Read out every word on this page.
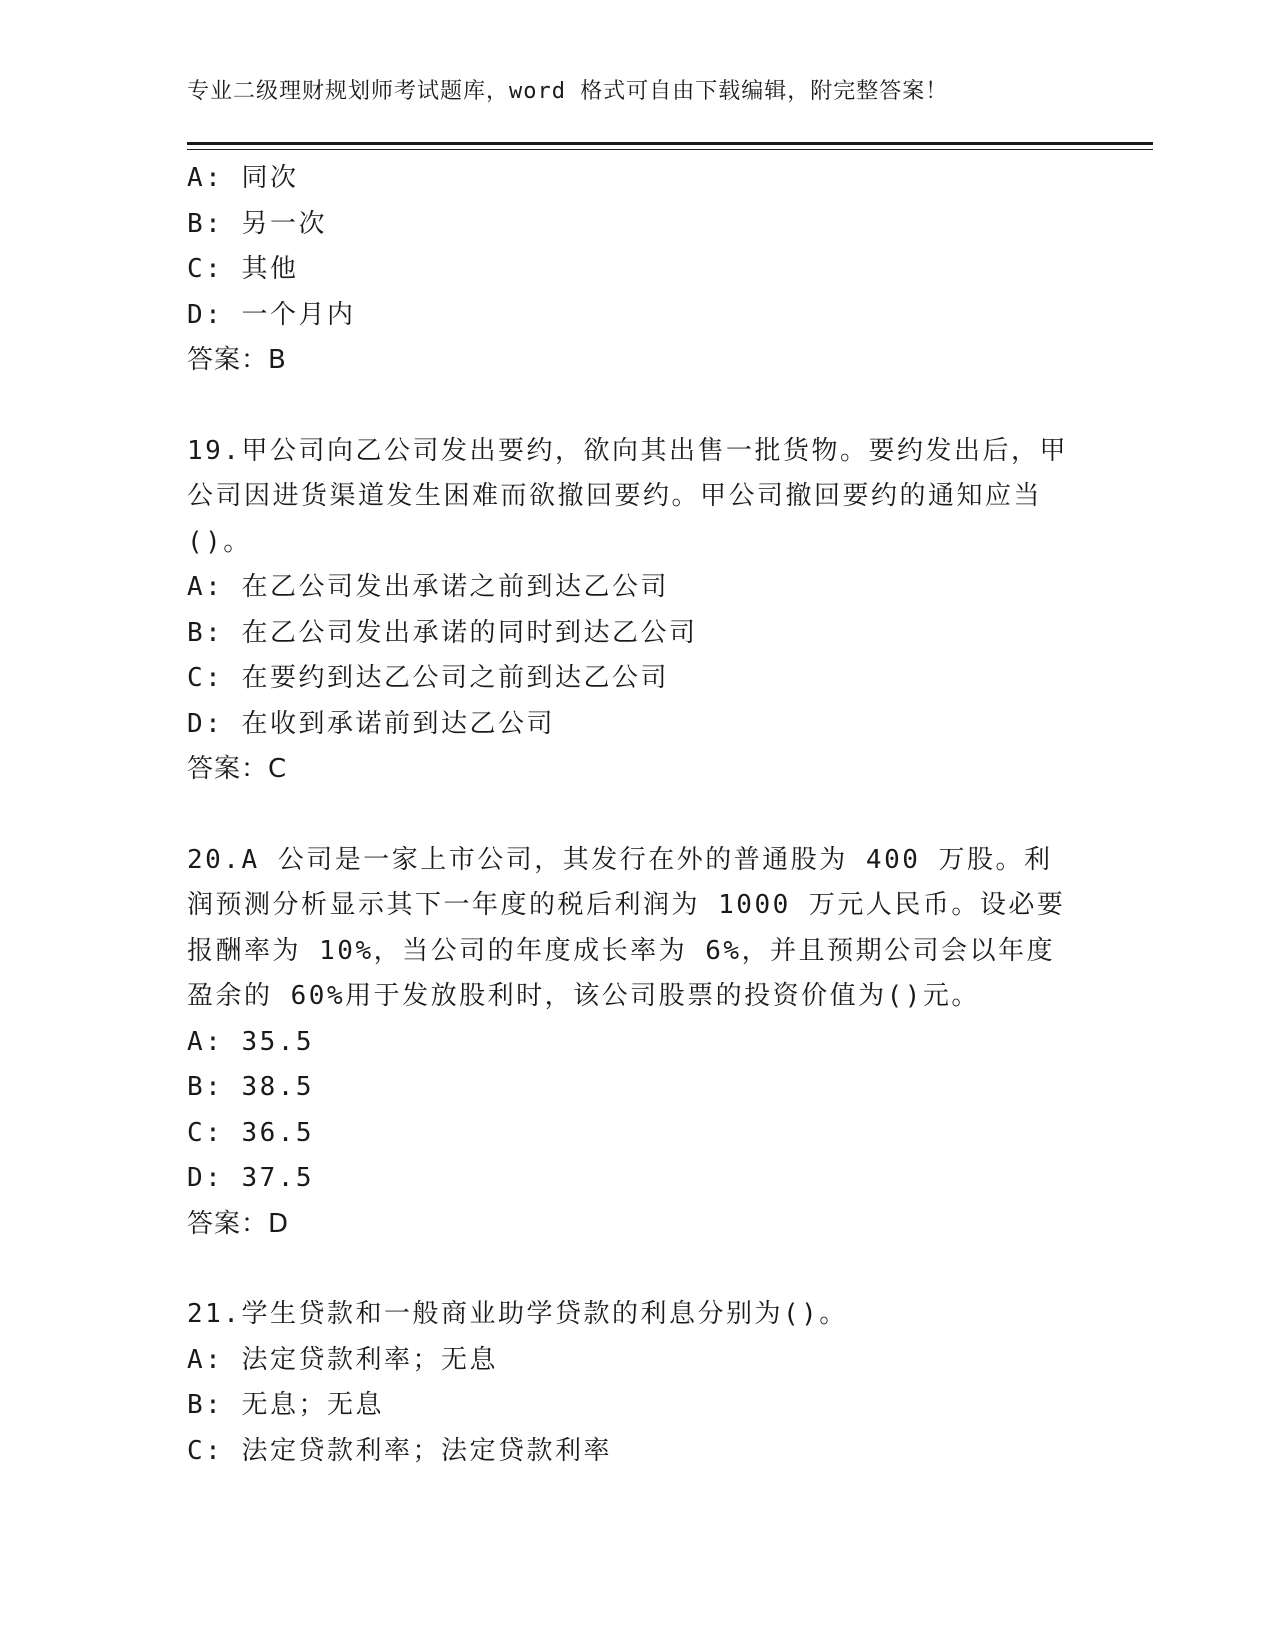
专业二级理财规划师考试题库，word 格式可自由下载编辑，附完整答案！
A: 同次
B: 另一次
C: 其他
D: 一个月内
答案：B
19.甲公司向乙公司发出要约，欲向其出售一批货物。要约发出后，甲公司因进货渠道发生困难而欲撤回要约。甲公司撤回要约的通知应当()。
A: 在乙公司发出承诺之前到达乙公司
B: 在乙公司发出承诺的同时到达乙公司
C: 在要约到达乙公司之前到达乙公司
D: 在收到承诺前到达乙公司
答案：C
20.A 公司是一家上市公司，其发行在外的普通股为 400 万股。利润预测分析显示其下一年度的税后利润为 1000 万元人民币。设必要报酬率为 10%，当公司的年度成长率为 6%，并且预期公司会以年度盈余的 60%用于发放股利时，该公司股票的投资价值为()元。
A: 35.5
B: 38.5
C: 36.5
D: 37.5
答案：D
21.学生贷款和一般商业助学贷款的利息分别为()。
A: 法定贷款利率；无息
B: 无息；无息
C: 法定贷款利率；法定贷款利率
